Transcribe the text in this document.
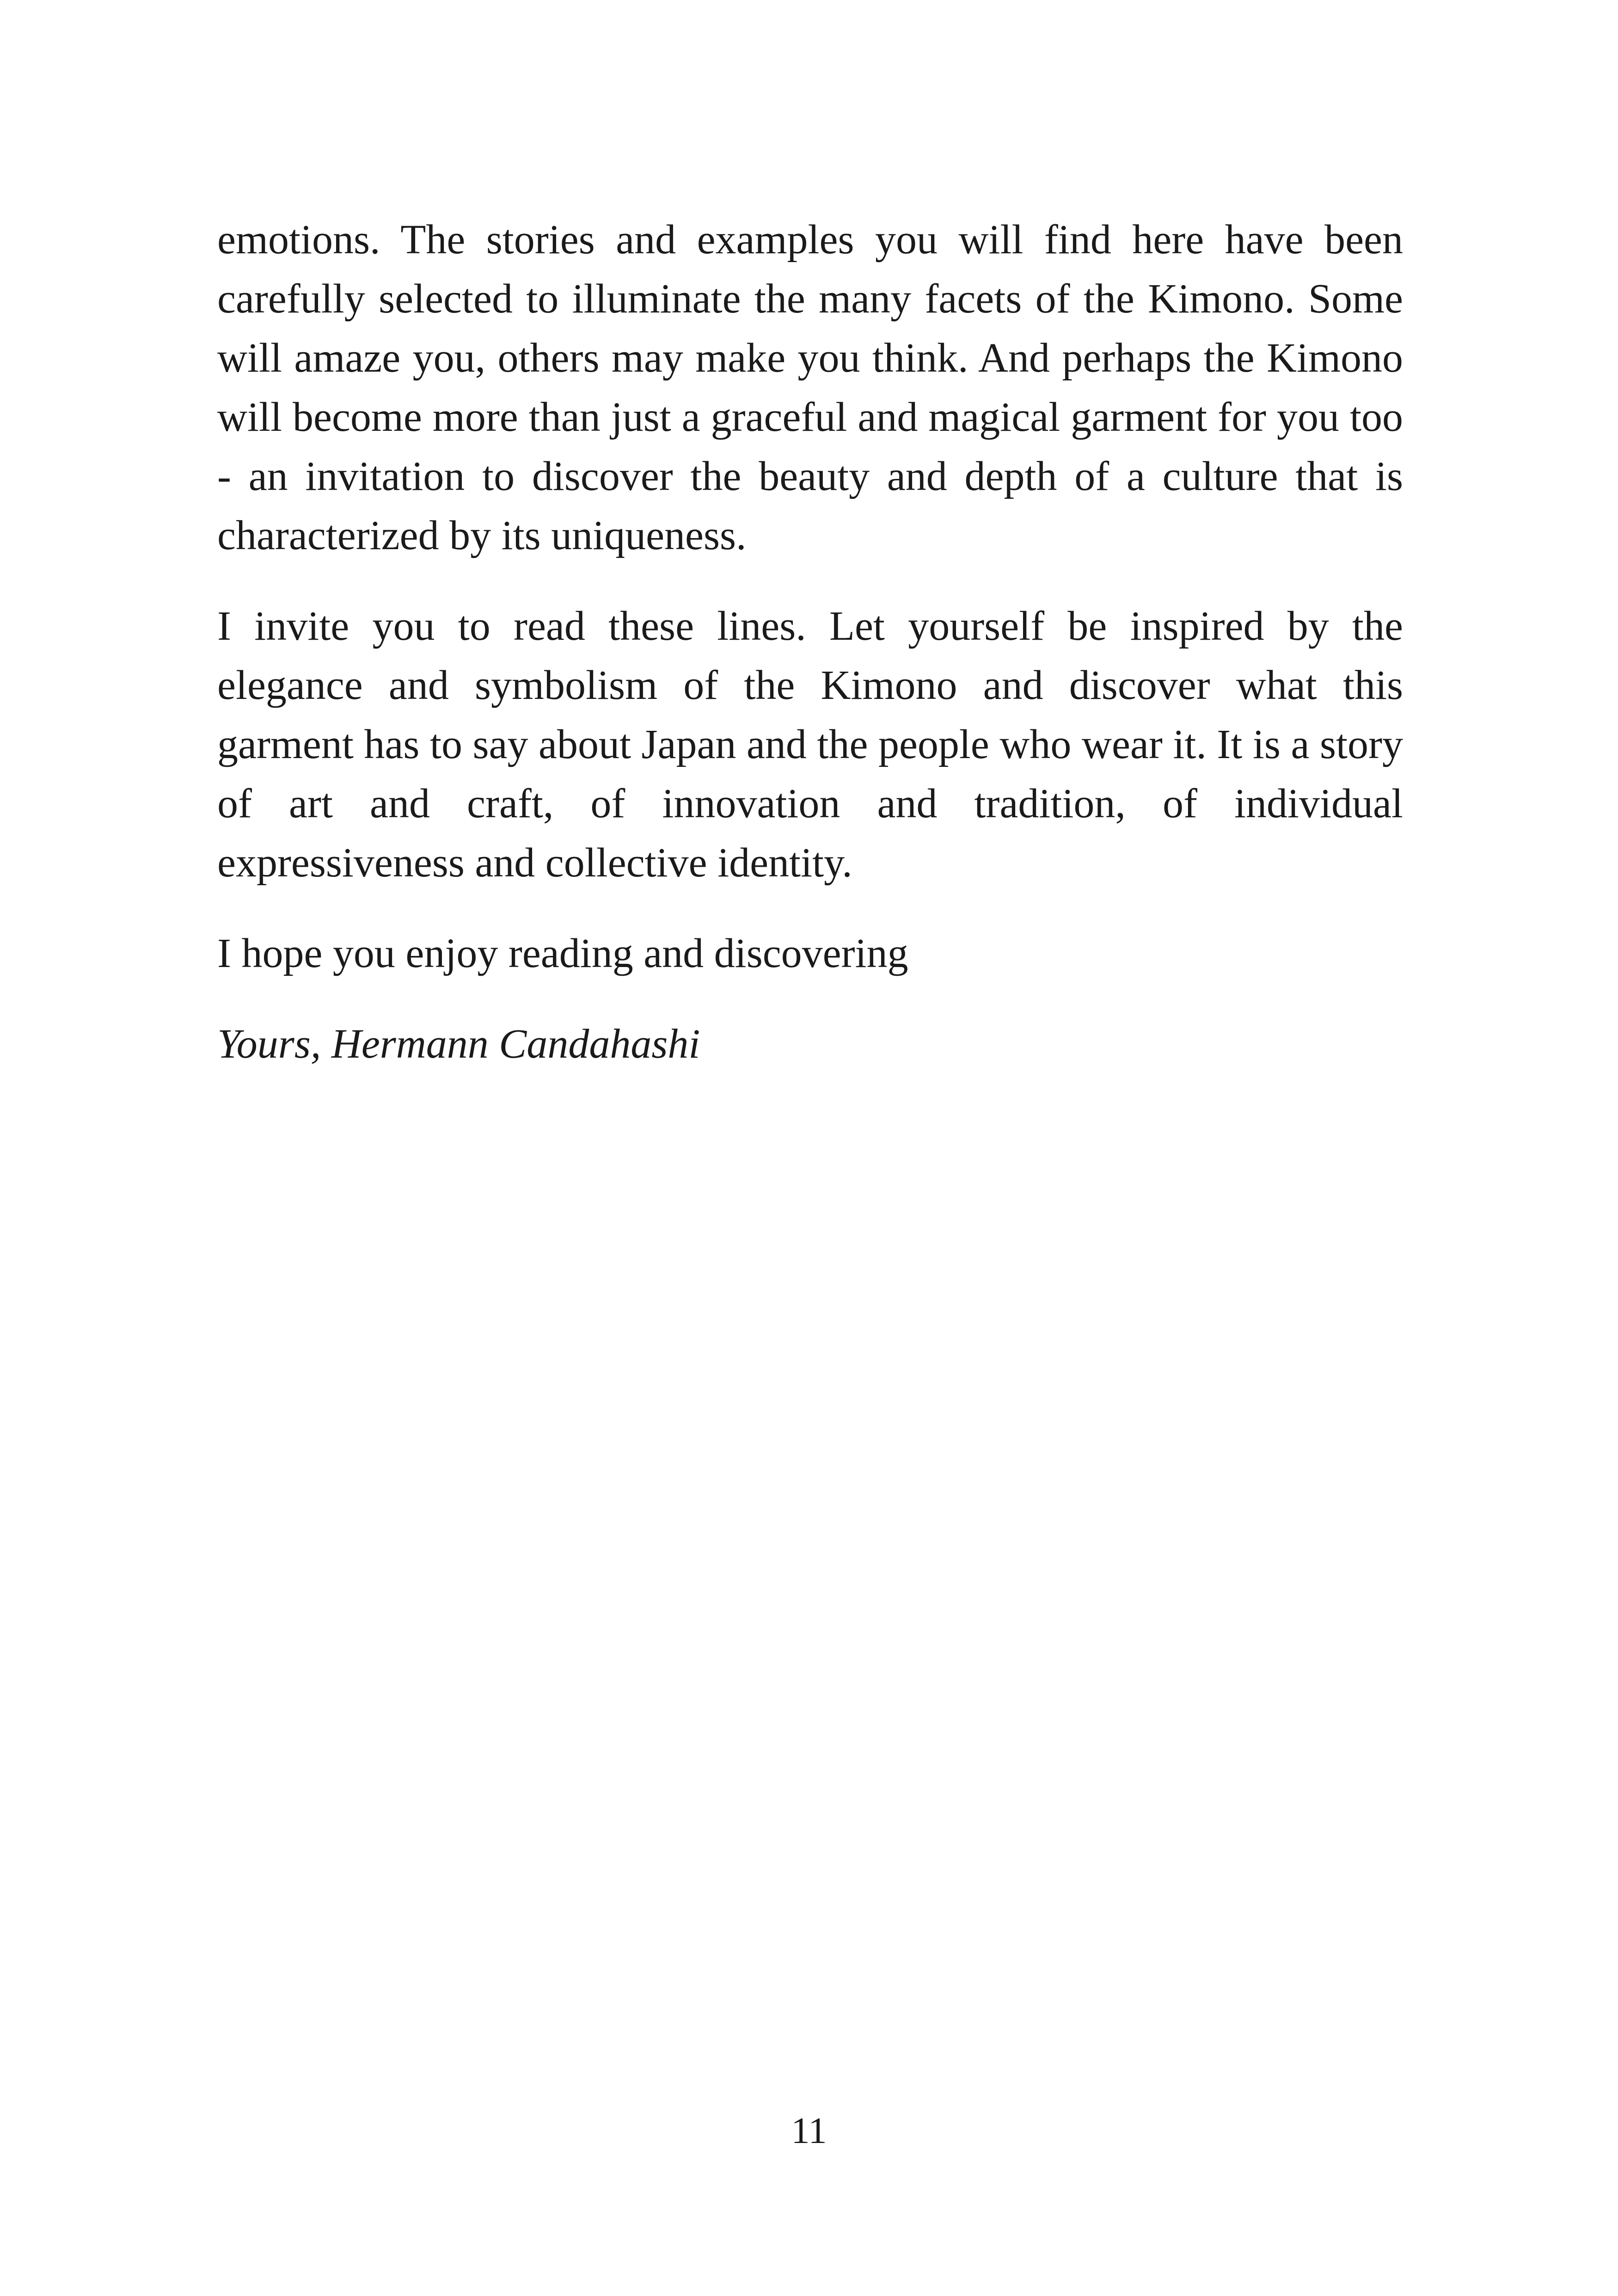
emotions. The stories and examples you will find here have been carefully selected to illuminate the many facets of the Kimono. Some will amaze you, others may make you think. And perhaps the Kimono will become more than just a graceful and magical garment for you too - an invitation to discover the beauty and depth of a culture that is characterized by its uniqueness.

I invite you to read these lines. Let yourself be inspired by the elegance and symbolism of the Kimono and discover what this garment has to say about Japan and the people who wear it. It is a story of art and craft, of innovation and tradition, of individual expressiveness and collective identity.

I hope you enjoy reading and discovering

Yours, Hermann Candahashi

11
